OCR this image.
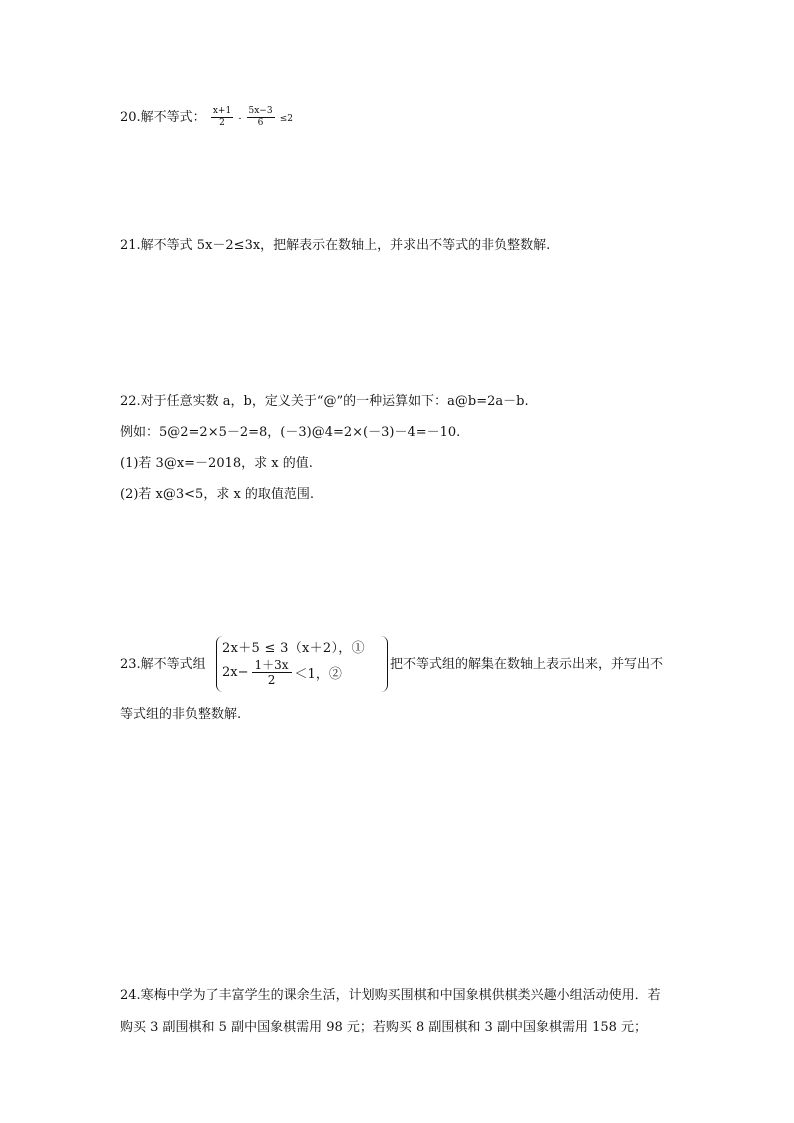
20.解不等式： $\frac{x+1}{2} - \frac{5x-3}{6} \le 2$
21.解不等式 5x－2≤3x，把解表示在数轴上，并求出不等式的非负整数解.
22.对于任意实数 a，b，定义关于“@”的一种运算如下：a@b=2a－b.
例如：5@2=2×5－2=8，(－3)@4=2×(－3)－4=－10.
(1)若 3@x=－2018，求 x 的值.
(2)若 x@3<5，求 x 的取值范围.
23.解不等式组
2x＋5 ≤ 3（x＋2），①
$2x- \frac{1+3x}{2} <1$，②
把不等式组的解集在数轴上表示出来，并写出不
等式组的非负整数解.
24.寒梅中学为了丰富学生的课余生活，计划购买围棋和中国象棋供棋类兴趣小组活动使用．若
购买 3 副围棋和 5 副中国象棋需用 98 元；若购买 8 副围棋和 3 副中国象棋需用 158 元；
